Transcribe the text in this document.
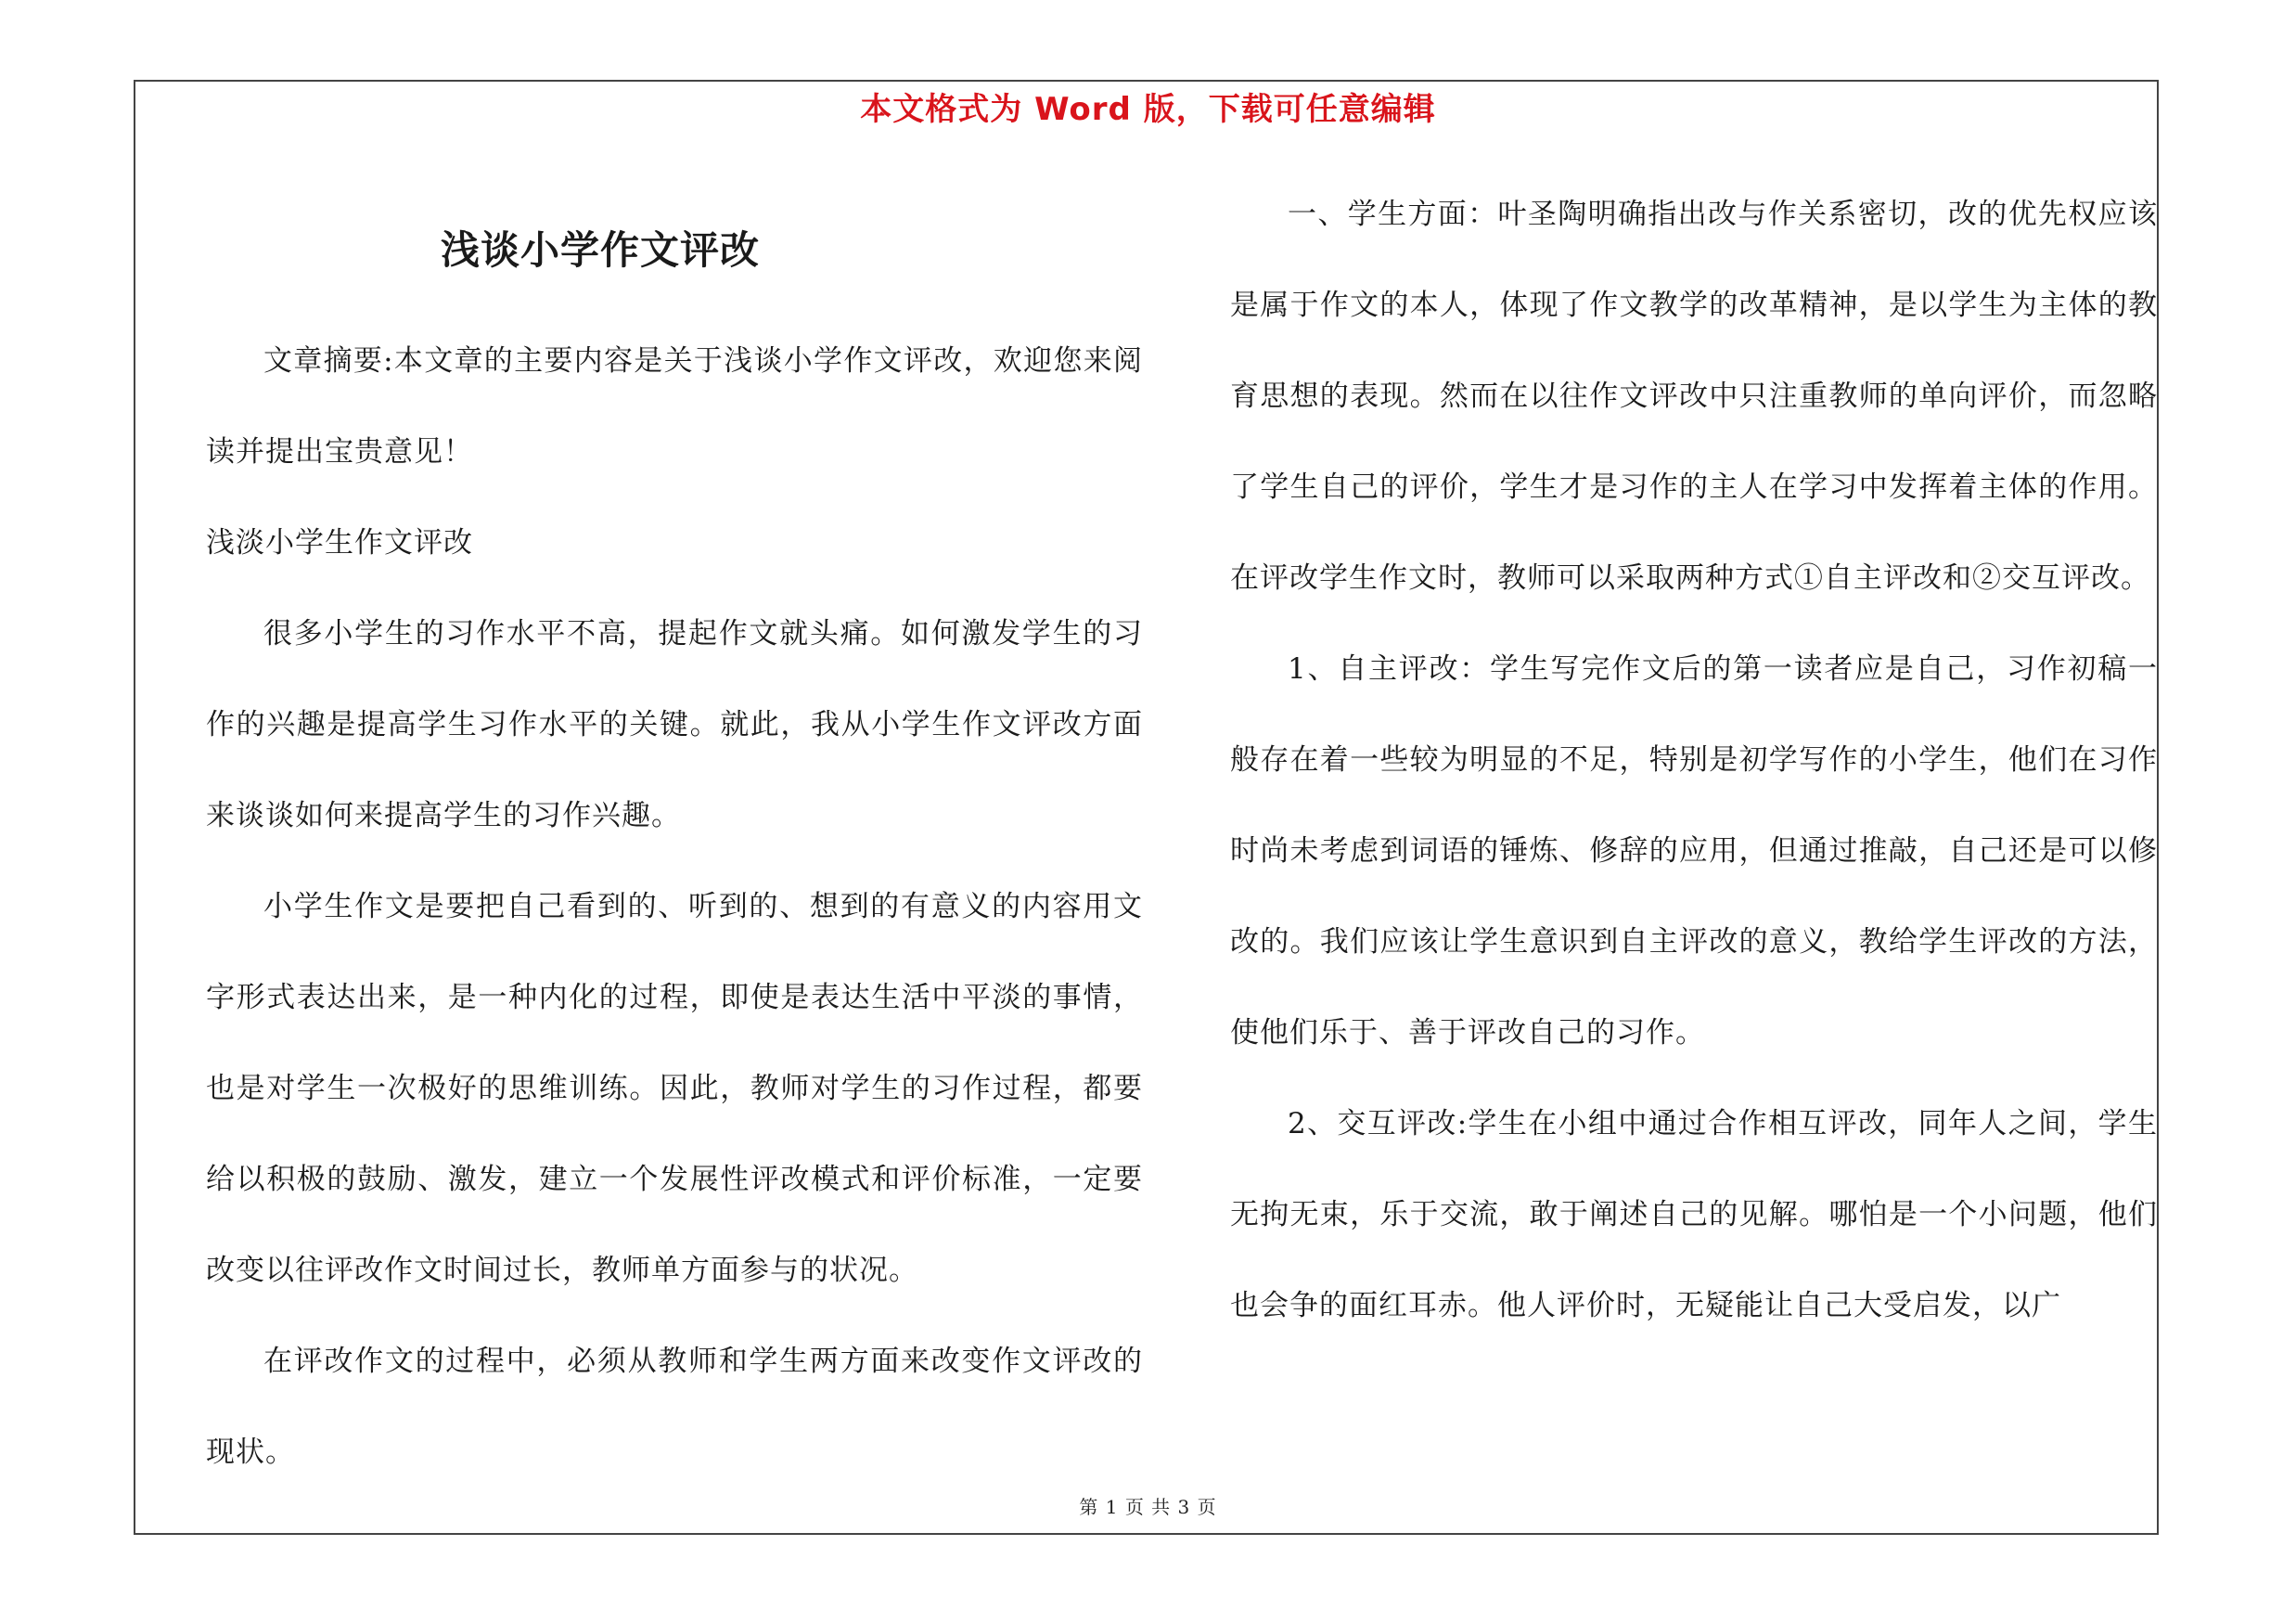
本文格式为 Word 版，下载可任意编辑
浅谈小学作文评改

文章摘要:本文章的主要内容是关于浅谈小学作文评改，欢迎您来阅读并提出宝贵意见！

浅淡小学生作文评改

很多小学生的习作水平不高，提起作文就头痛。如何激发学生的习作的兴趣是提高学生习作水平的关键。就此，我从小学生作文评改方面来谈谈如何来提高学生的习作兴趣。

小学生作文是要把自己看到的、听到的、想到的有意义的内容用文字形式表达出来，是一种内化的过程，即使是表达生活中平淡的事情，也是对学生一次极好的思维训练。因此，教师对学生的习作过程，都要给以积极的鼓励、激发，建立一个发展性评改模式和评价标准，一定要改变以往评改作文时间过长，教师单方面参与的状况。

在评改作文的过程中，必须从教师和学生两方面来改变作文评改的现状。

一、学生方面：叶圣陶明确指出改与作关系密切，改的优先权应该是属于作文的本人，体现了作文教学的改革精神，是以学生为主体的教育思想的表现。然而在以往作文评改中只注重教师的单向评价，而忽略了学生自己的评价，学生才是习作的主人在学习中发挥着主体的作用。在评改学生作文时，教师可以采取两种方式①自主评改和②交互评改。

1、自主评改：学生写完作文后的第一读者应是自己，习作初稿一般存在着一些较为明显的不足，特别是初学写作的小学生，他们在习作时尚未考虑到词语的锤炼、修辞的应用，但通过推敲，自己还是可以修改的。我们应该让学生意识到自主评改的意义，教给学生评改的方法，使他们乐于、善于评改自己的习作。

2、交互评改:学生在小组中通过合作相互评改，同年人之间，学生无拘无束，乐于交流，敢于阐述自己的见解。哪怕是一个小问题，他们也会争的面红耳赤。他人评价时，无疑能让自己大受启发，以广

第 1 页 共 3 页
